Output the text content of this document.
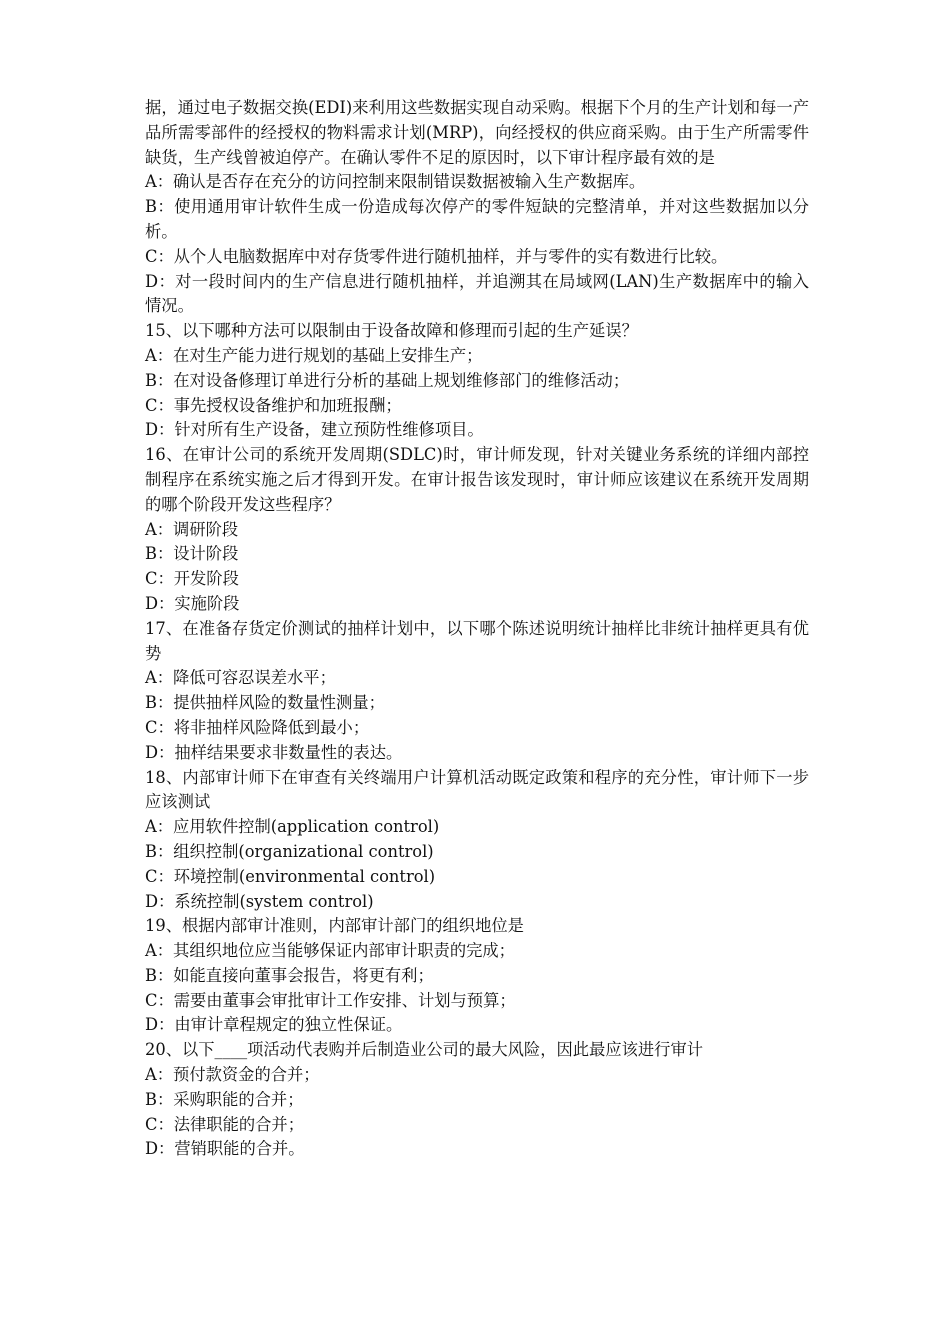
据，通过电子数据交换(EDI)来利用这些数据实现自动采购。根据下个月的生产计划和每一产品所需零部件的经授权的物料需求计划(MRP)，向经授权的供应商采购。由于生产所需零件缺货，生产线曾被迫停产。在确认零件不足的原因时，以下审计程序最有效的是

A：确认是否存在充分的访问控制来限制错误数据被输入生产数据库。

B：使用通用审计软件生成一份造成每次停产的零件短缺的完整清单，并对这些数据加以分析。

C：从个人电脑数据库中对存货零件进行随机抽样，并与零件的实有数进行比较。

D：对一段时间内的生产信息进行随机抽样，并追溯其在局域网(LAN)生产数据库中的输入情况。

15、以下哪种方法可以限制由于设备故障和修理而引起的生产延误？

A：在对生产能力进行规划的基础上安排生产；

B：在对设备修理订单进行分析的基础上规划维修部门的维修活动；

C：事先授权设备维护和加班报酬；

D：针对所有生产设备，建立预防性维修项目。

16、在审计公司的系统开发周期(SDLC)时，审计师发现，针对关键业务系统的详细内部控制程序在系统实施之后才得到开发。在审计报告该发现时，审计师应该建议在系统开发周期的哪个阶段开发这些程序？

A：调研阶段

B：设计阶段

C：开发阶段

D：实施阶段

17、在准备存货定价测试的抽样计划中，以下哪个陈述说明统计抽样比非统计抽样更具有优势

A：降低可容忍误差水平；

B：提供抽样风险的数量性测量；

C：将非抽样风险降低到最小；

D：抽样结果要求非数量性的表达。

18、内部审计师下在审查有关终端用户计算机活动既定政策和程序的充分性，审计师下一步应该测试

A：应用软件控制(application control)

B：组织控制(organizational control)

C：环境控制(environmental control)

D：系统控制(system control)

19、根据内部审计准则，内部审计部门的组织地位是

A：其组织地位应当能够保证内部审计职责的完成；

B：如能直接向董事会报告，将更有利；

C：需要由董事会审批审计工作安排、计划与预算；

D：由审计章程规定的独立性保证。

20、以下____项活动代表购并后制造业公司的最大风险，因此最应该进行审计

A：预付款资金的合并；

B：采购职能的合并；

C：法律职能的合并；

D：营销职能的合并。
